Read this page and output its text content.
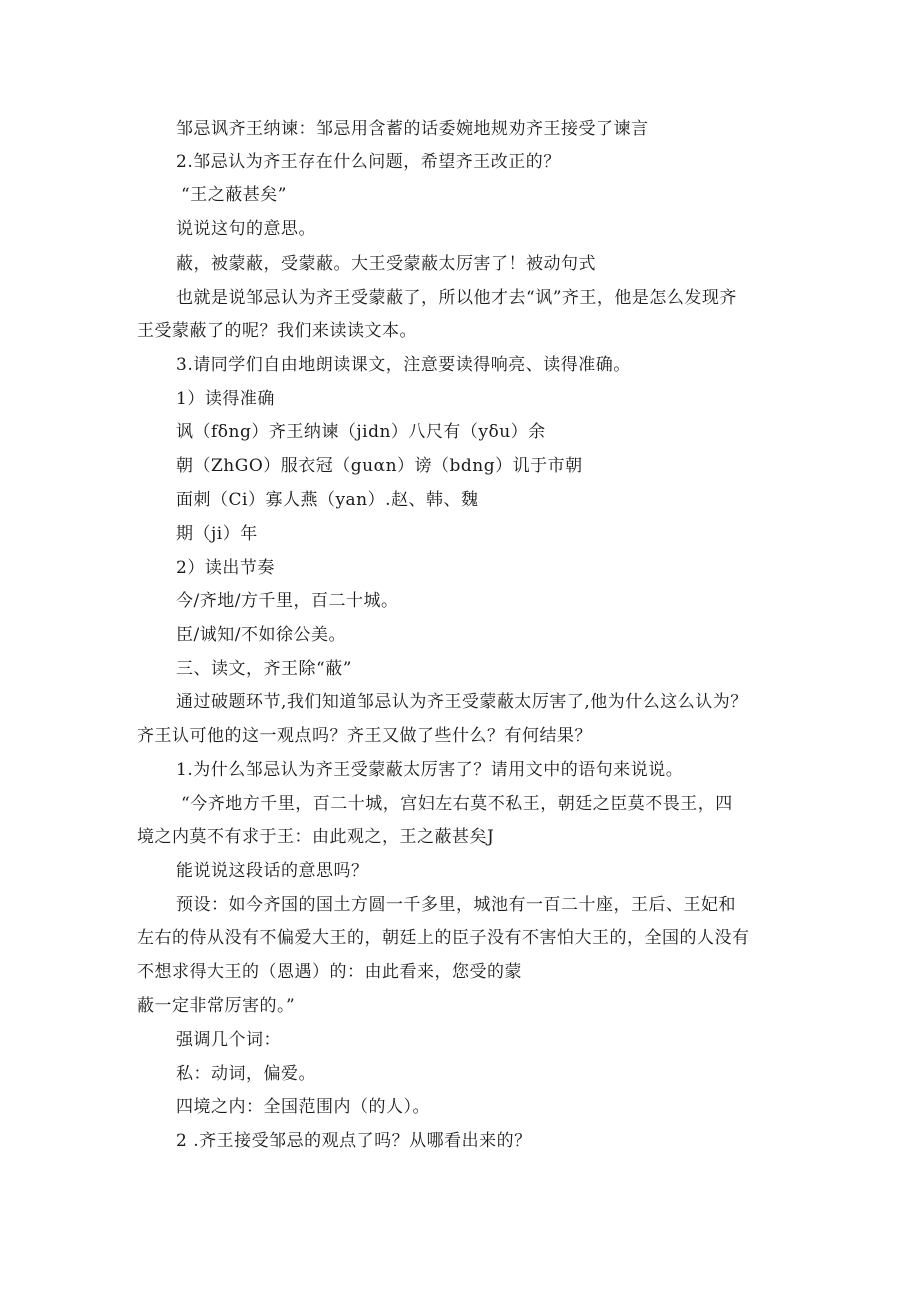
邹忌讽齐王纳谏：邹忌用含蓄的话委婉地规劝齐王接受了谏言
2.邹忌认为齐王存在什么问题，希望齐王改正的？
“王之蔽甚矣”
说说这句的意思。
蔽，被蒙蔽，受蒙蔽。大王受蒙蔽太厉害了！被动句式
也就是说邹忌认为齐王受蒙蔽了，所以他才去“讽”齐王，他是怎么发现齐
王受蒙蔽了的呢？我们来读读文本。
3.请同学们自由地朗读课文，注意要读得响亮、读得准确。
1）读得准确
讽（fδng）齐王纳谏（jidn）八尺有（yδu）余
朝（ZhGO）服衣冠（guαn）谤（bdng）讥于市朝
面刺（Ci）寡人燕（yan）.赵、韩、魏
期（ji）年
2）读出节奏
今/齐地/方千里，百二十城。
臣/诚知/不如徐公美。
三、读文，齐王除“蔽”
通过破题环节,我们知道邹忌认为齐王受蒙蔽太厉害了,他为什么这么认为？
齐王认可他的这一观点吗？齐王又做了些什么？有何结果？
1.为什么邹忌认为齐王受蒙蔽太厉害了？请用文中的语句来说说。
“今齐地方千里，百二十城，宫妇左右莫不私王，朝廷之臣莫不畏王，四
境之内莫不有求于王：由此观之，王之蔽甚矣J
能说说这段话的意思吗？
预设：如今齐国的国土方圆一千多里，城池有一百二十座，王后、王妃和
左右的侍从没有不偏爱大王的，朝廷上的臣子没有不害怕大王的，全国的人没有
不想求得大王的（恩遇）的：由此看来，您受的蒙
蔽一定非常厉害的。”
强调几个词：
私：动词，偏爱。
四境之内：全国范围内（的人）。
2 .齐王接受邹忌的观点了吗？从哪看出来的？
